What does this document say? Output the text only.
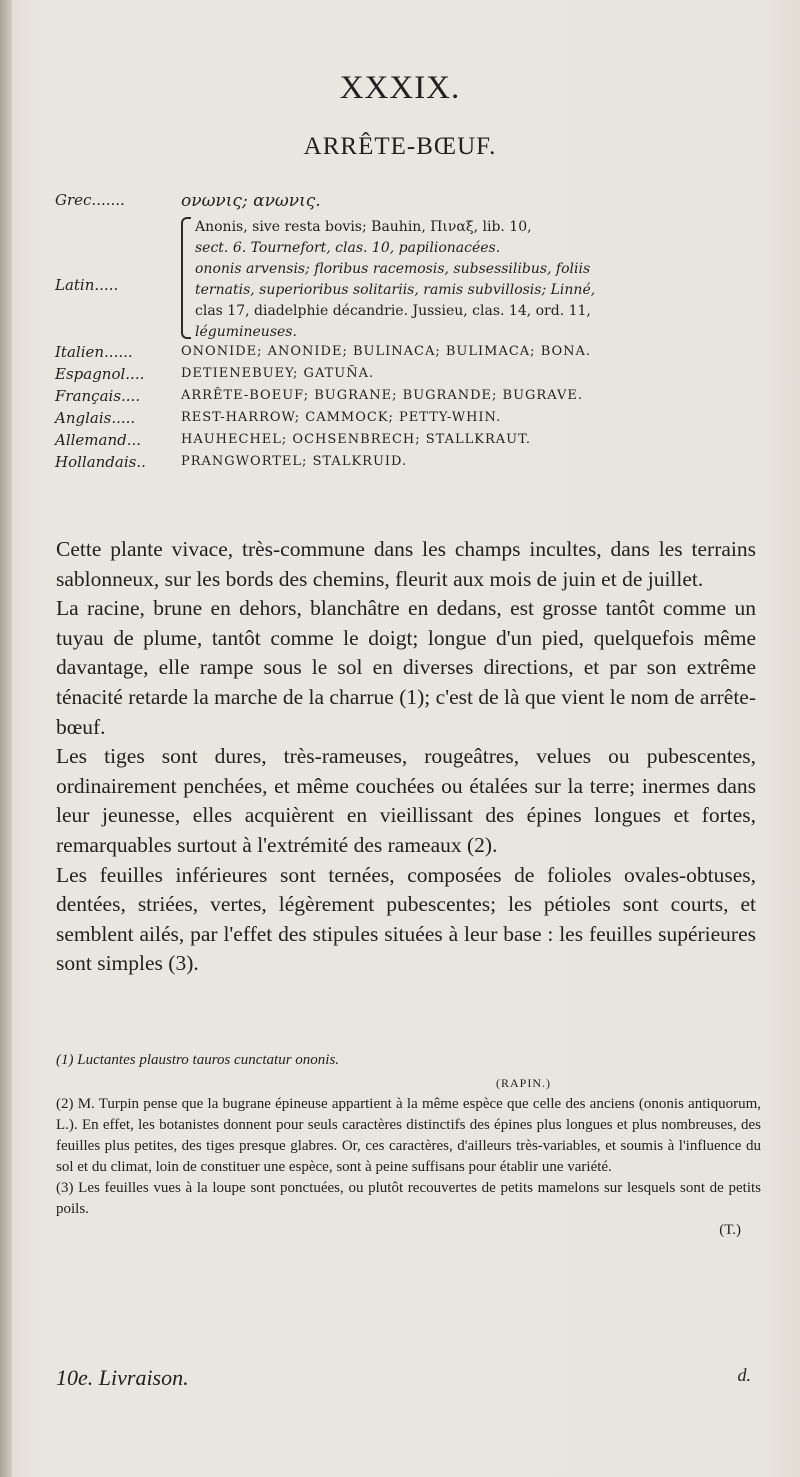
XXXIX.
ARRÊTE-BŒUF.
Grec.......	ονωνις; ανωνις.
Latin.....
Anonis, sive resta bovis; Bauhin, Πιναξ, lib. 10,
sect. 6. Tournefort, clas. 10, papilionacées.
ononis arvensis; floribus racemosis, subsessilibus, foliis
ternatis, superioribus solitariis, ramis subvillosis; Linné,
clas 17, diadelphie décandrie. Jussieu, clas. 14, ord. 11,
légumineuses.
Italien......	ONONIDE; ANONIDE; BULINACA; BULIMACA; BONA.
Espagnol....	DETIENEBUEY; GATUÑA.
Français....	ARRÊTE-BOEUF; BUGRANE; BUGRANDE; BUGRAVE.
Anglais.....	REST-HARROW; CAMMOCK; PETTY-WHIN.
Allemand...	HAUHECHEL; OCHSENBRECH; STALLKRAUT.
Hollandais..	PRANGWORTEL; STALKRUID.

Cette plante vivace, très-commune dans les champs incultes, dans les terrains sablonneux, sur les bords des chemins, fleurit aux mois de juin et de juillet.

La racine, brune en dehors, blanchâtre en dedans, est grosse tantôt comme un tuyau de plume, tantôt comme le doigt; longue d'un pied, quelquefois même davantage, elle rampe sous le sol en diverses directions, et par son extrême ténacité retarde la marche de la charrue (1); c'est de là que vient le nom de arrête-bœuf.

Les tiges sont dures, très-rameuses, rougeâtres, velues ou pubescentes, ordinairement penchées, et même couchées ou étalées sur la terre; inermes dans leur jeunesse, elles acquièrent en vieillissant des épines longues et fortes, remarquables surtout à l'extrémité des rameaux (2).

Les feuilles inférieures sont ternées, composées de folioles ovales-obtuses, dentées, striées, vertes, légèrement pubescentes; les pétioles sont courts, et semblent ailés, par l'effet des stipules situées à leur base : les feuilles supérieures sont simples (3).

(1) Luctantes plaustro tauros cunctatur ononis.

(RAPIN.)

(2) M. Turpin pense que la bugrane épineuse appartient à la même espèce que celle des anciens (ononis antiquorum, L.). En effet, les botanistes donnent pour seuls caractères distinctifs des épines plus longues et plus nombreuses, des feuilles plus petites, des tiges presque glabres. Or, ces caractères, d'ailleurs très-variables, et soumis à l'influence du sol et du climat, loin de constituer une espèce, sont à peine suffisans pour établir une variété.

(3) Les feuilles vues à la loupe sont ponctuées, ou plutôt recouvertes de petits mamelons sur lesquels sont de petits poils.

(T.)

10e. Livraison.	d.
